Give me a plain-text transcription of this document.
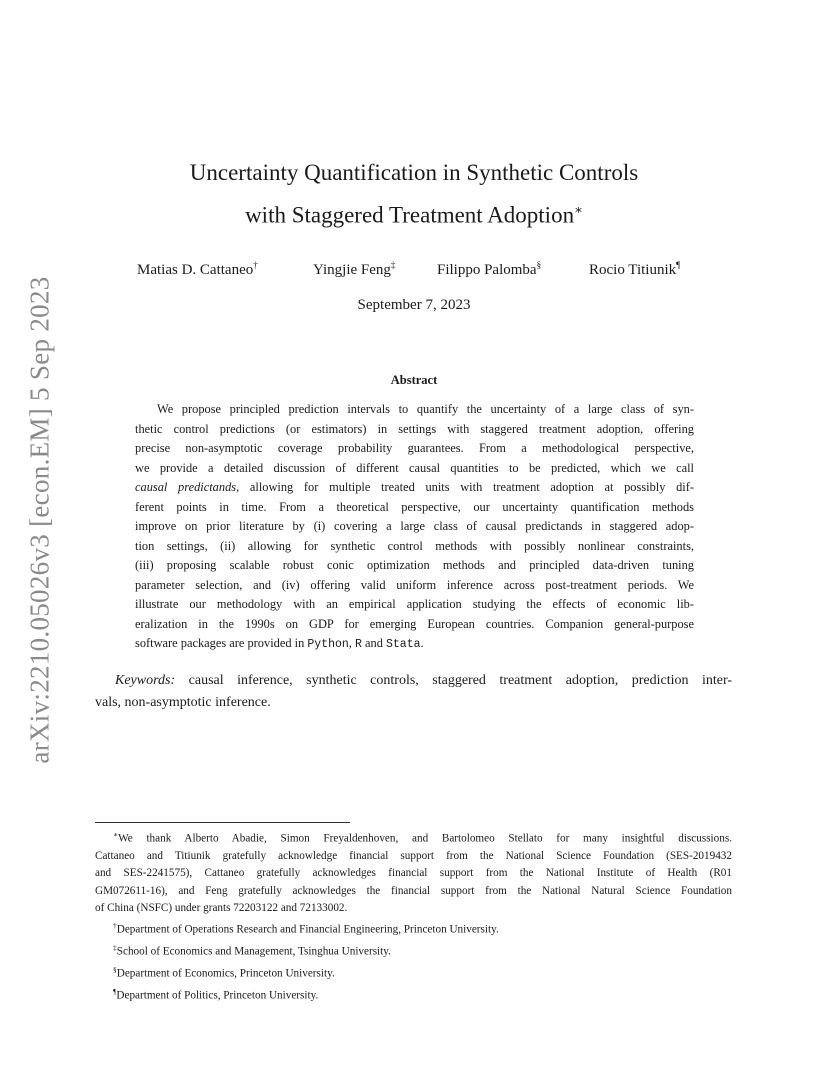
arXiv:2210.05026v3 [econ.EM] 5 Sep 2023
Uncertainty Quantification in Synthetic Controls
with Staggered Treatment Adoption∗
Matias D. Cattaneo†	Yingjie Feng‡	Filippo Palomba§	Rocio Titiunik¶
September 7, 2023
Abstract
We propose principled prediction intervals to quantify the uncertainty of a large class of syn-
thetic control predictions (or estimators) in settings with staggered treatment adoption, offering
precise non-asymptotic coverage probability guarantees. From a methodological perspective,
we provide a detailed discussion of different causal quantities to be predicted, which we call
causal predictands, allowing for multiple treated units with treatment adoption at possibly dif-
ferent points in time. From a theoretical perspective, our uncertainty quantification methods
improve on prior literature by (i) covering a large class of causal predictands in staggered adop-
tion settings, (ii) allowing for synthetic control methods with possibly nonlinear constraints,
(iii) proposing scalable robust conic optimization methods and principled data-driven tuning
parameter selection, and (iv) offering valid uniform inference across post-treatment periods. We
illustrate our methodology with an empirical application studying the effects of economic lib-
eralization in the 1990s on GDP for emerging European countries. Companion general-purpose
software packages are provided in Python, R and Stata.
Keywords: causal inference, synthetic controls, staggered treatment adoption, prediction inter-
vals, non-asymptotic inference.
∗We thank Alberto Abadie, Simon Freyaldenhoven, and Bartolomeo Stellato for many insightful discussions.
Cattaneo and Titiunik gratefully acknowledge financial support from the National Science Foundation (SES-2019432
and SES-2241575), Cattaneo gratefully acknowledges financial support from the National Institute of Health (R01
GM072611-16), and Feng gratefully acknowledges the financial support from the National Natural Science Foundation
of China (NSFC) under grants 72203122 and 72133002.
†Department of Operations Research and Financial Engineering, Princeton University.
‡School of Economics and Management, Tsinghua University.
§Department of Economics, Princeton University.
¶Department of Politics, Princeton University.
